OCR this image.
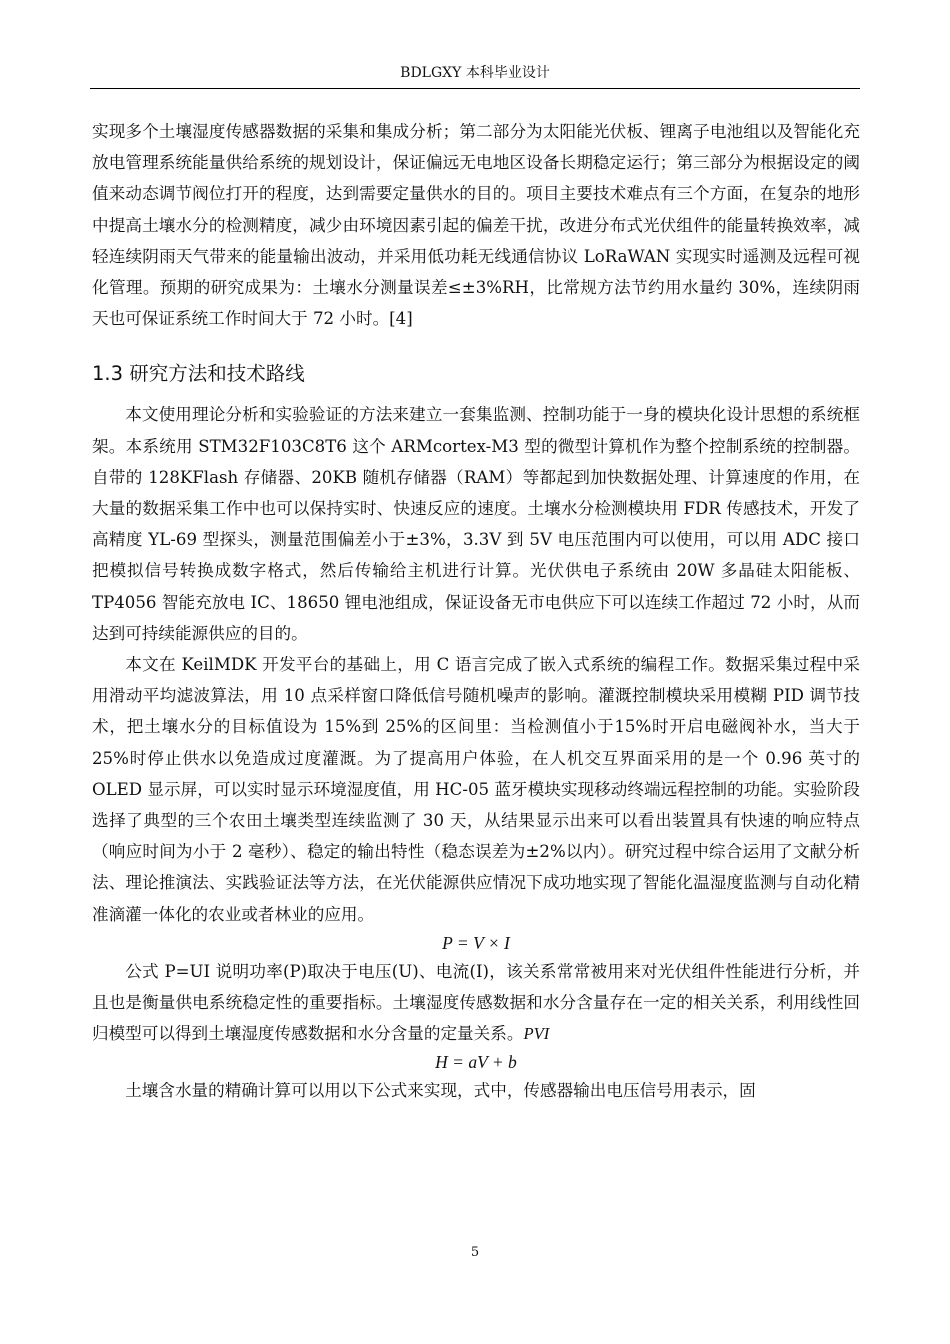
BDLGXY 本科毕业设计

实现多个土壤湿度传感器数据的采集和集成分析；第二部分为太阳能光伏板、锂离子电池组以及智能化充放电管理系统能量供给系统的规划设计，保证偏远无电地区设备长期稳定运行；第三部分为根据设定的阈值来动态调节阀位打开的程度，达到需要定量供水的目的。项目主要技术难点有三个方面，在复杂的地形中提高土壤水分的检测精度，减少由环境因素引起的偏差干扰，改进分布式光伏组件的能量转换效率，减轻连续阴雨天气带来的能量输出波动，并采用低功耗无线通信协议 LoRaWAN 实现实时遥测及远程可视化管理。预期的研究成果为：土壤水分测量误差≤±3%RH，比常规方法节约用水量约 30%，连续阴雨天也可保证系统工作时间大于 72 小时。[4]

1.3 研究方法和技术路线

本文使用理论分析和实验验证的方法来建立一套集监测、控制功能于一身的模块化设计思想的系统框架。本系统用 STM32F103C8T6 这个 ARMcortex-M3 型的微型计算机作为整个控制系统的控制器。自带的 128KFlash 存储器、20KB 随机存储器（RAM）等都起到加快数据处理、计算速度的作用，在大量的数据采集工作中也可以保持实时、快速反应的速度。土壤水分检测模块用 FDR 传感技术，开发了高精度 YL-69 型探头，测量范围偏差小于±3%，3.3V 到 5V 电压范围内可以使用，可以用 ADC 接口把模拟信号转换成数字格式，然后传输给主机进行计算。光伏供电子系统由 20W 多晶硅太阳能板、TP4056 智能充放电 IC、18650 锂电池组成，保证设备无市电供应下可以连续工作超过 72 小时，从而达到可持续能源供应的目的。

本文在 KeilMDK 开发平台的基础上，用 C 语言完成了嵌入式系统的编程工作。数据采集过程中采用滑动平均滤波算法，用 10 点采样窗口降低信号随机噪声的影响。灌溉控制模块采用模糊 PID 调节技术，把土壤水分的目标值设为 15%到 25%的区间里：当检测值小于15%时开启电磁阀补水，当大于 25%时停止供水以免造成过度灌溉。为了提高用户体验，在人机交互界面采用的是一个 0.96 英寸的 OLED 显示屏，可以实时显示环境湿度值，用 HC-05 蓝牙模块实现移动终端远程控制的功能。实验阶段选择了典型的三个农田土壤类型连续监测了 30 天，从结果显示出来可以看出装置具有快速的响应特点（响应时间为小于 2 毫秒）、稳定的输出特性（稳态误差为±2%以内）。研究过程中综合运用了文献分析法、理论推演法、实践验证法等方法，在光伏能源供应情况下成功地实现了智能化温湿度监测与自动化精准滴灌一体化的农业或者林业的应用。

P = V × I

公式 P=UI 说明功率(P)取决于电压(U)、电流(I)，该关系常常被用来对光伏组件性能进行分析，并且也是衡量供电系统稳定性的重要指标。土壤湿度传感数据和水分含量存在一定的相关关系，利用线性回归模型可以得到土壤湿度传感数据和水分含量的定量关系。PVI

H = aV + b

土壤含水量的精确计算可以用以下公式来实现，式中，传感器输出电压信号用表示，固

5
